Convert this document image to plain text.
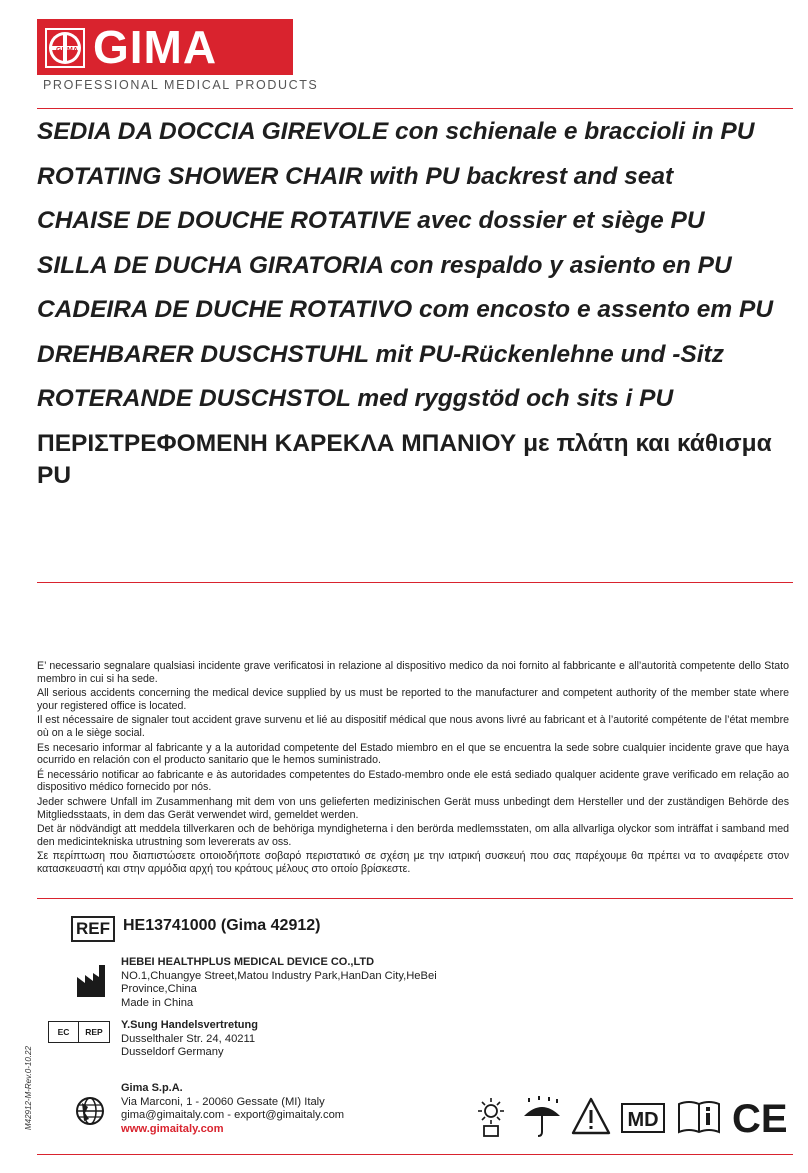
GI MA GIMA
PROFESSIONAL MEDICAL PRODUCTS
SEDIA DA DOCCIA GIREVOLE con schienale e braccioli in PU
ROTATING SHOWER CHAIR with PU backrest and seat
CHAISE DE DOUCHE ROTATIVE avec dossier et siège PU
SILLA DE DUCHA GIRATORIA con respaldo y asiento en PU
CADEIRA DE DUCHE ROTATIVO com encosto e assento em PU
DREHBARER DUSCHSTUHL mit PU-Rückenlehne und -Sitz
ROTERANDE DUSCHSTOL med ryggstöd och sits i PU
ΠΕΡΙΣΤΡΕΦΟΜΕΝΗ ΚΑΡΕΚΛΑ ΜΠΑΝΙΟΥ με πλάτη και κάθισμα PU

E’ necessario segnalare qualsiasi incidente grave verificatosi in relazione al dispositivo medico da noi fornito al fabbricante e all’autorità competente dello Stato membro in cui si ha sede.

All serious accidents concerning the medical device supplied by us must be reported to the manufacturer and competent authority of the member state where your registered office is located.

Il est nécessaire de signaler tout accident grave survenu et lié au dispositif médical que nous avons livré au fabricant et à l’autorité compétente de l’état membre où on a le siège social.

Es necesario informar al fabricante y a la autoridad competente del Estado miembro en el que se encuentra la sede sobre cualquier incidente grave que haya ocurrido en relación con el producto sanitario que le hemos suministrado.

É necessário notificar ao fabricante e às autoridades competentes do Estado-membro onde ele está sediado qualquer acidente grave verificado em relação ao dispositivo médico fornecido por nós.

Jeder schwere Unfall im Zusammenhang mit dem von uns gelieferten medizinischen Gerät muss unbedingt dem Hersteller und der zuständigen Behörde des Mitgliedsstaats, in dem das Gerät verwendet wird, gemeldet werden.

Det är nödvändigt att meddela tillverkaren och de behöriga myndigheterna i den berörda medlemsstaten, om alla allvarliga olyckor som inträffat i samband med den medicintekniska utrustning som levererats av oss.

Σε περίπτωση που διαπιστώσετε οποιοδήποτε σοβαρό περιστατικό σε σχέση με την ιατρική συσκευή που σας παρέχουμε θα πρέπει να το αναφέρετε στον κατασκευαστή και στην αρμόδια αρχή του κράτους μέλους στο οποίο βρίσκεστε.

REF HE13741000 (Gima 42912)
HEBEI HEALTHPLUS MEDICAL DEVICE CO.,LTD
NO.1,Chuangye Street,Matou Industry Park,HanDan City,HeBei
Province,China
Made in China
EC	REP
Y.Sung Handelsvertretung
Dusselthaler Str. 24, 40211
Dusseldorf Germany
Gima S.p.A.
Via Marconi, 1 - 20060 Gessate (MI) Italy
gima@gimaitaly.com - export@gimaitaly.com
www.gimaitaly.com
M42912-M-Rev.0-10.22	MD CE
